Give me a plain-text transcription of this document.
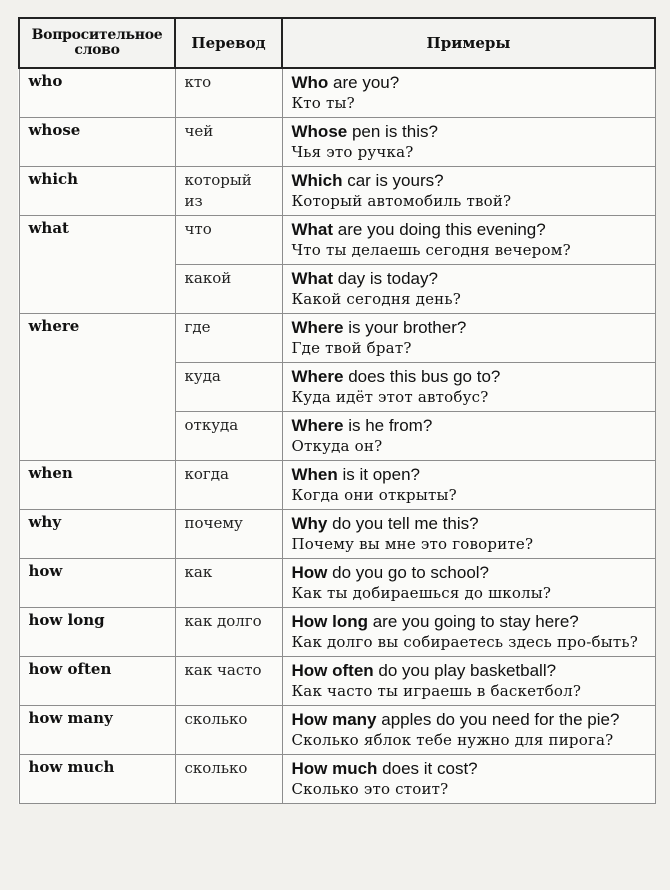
Вопросительное слово	Перевод	Примеры
who	кто	Who are you?
Кто ты?

whose	чей	Whose pen is this?
Чья это ручка?

which	который из	Which car is yours?
Который автомобиль твой?

what	что	What are you doing this evening?
Что ты делаешь сегодня вечером?

	какой	What day is today?
Какой сегодня день?

where	где	Where is your brother?
Где твой брат?

	куда	Where does this bus go to?
Куда идёт этот автобус?

	откуда	Where is he from?
Откуда он?

when	когда	When is it open?
Когда они открыты?

why	почему	Why do you tell me this?
Почему вы мне это говорите?

how	как	How do you go to school?
Как ты добираешься до школы?

how long	как долго	How long are you going to stay here?
Как долго вы собираетесь здесь про-быть?

how often	как часто	How often do you play basketball?
Как часто ты играешь в баскетбол?

how many	сколько	How many apples do you need for the pie?
Сколько яблок тебе нужно для пирога?

how much	сколько	How much does it cost?
Сколько это стоит?
